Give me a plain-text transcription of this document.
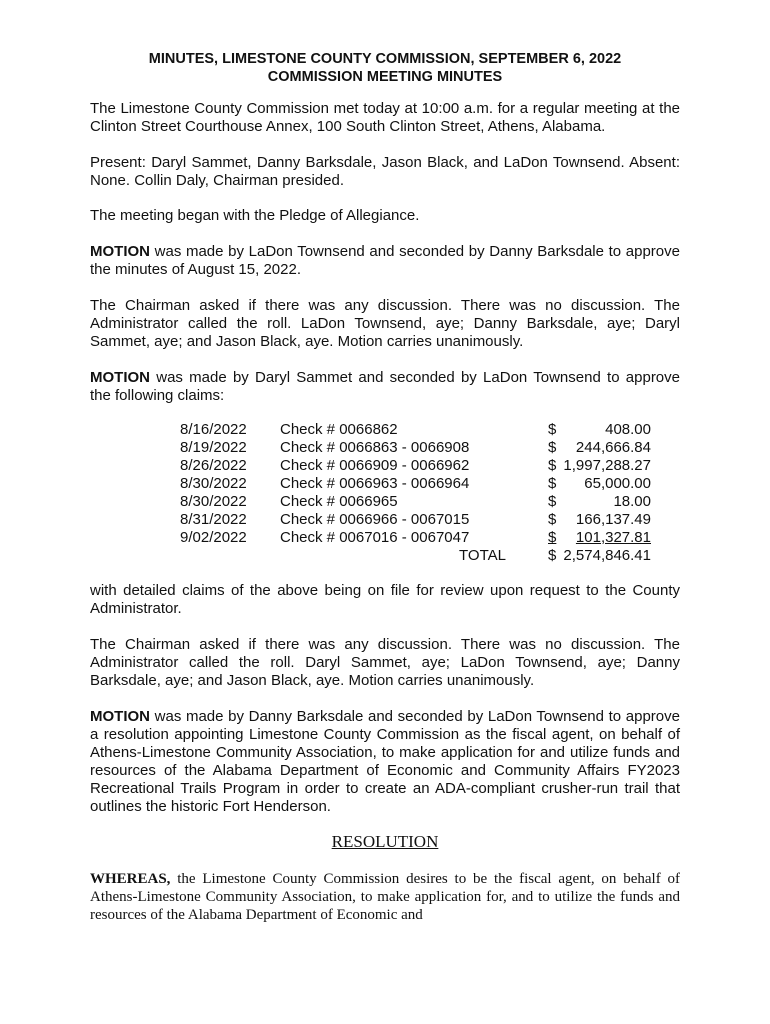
MINUTES, LIMESTONE COUNTY COMMISSION, SEPTEMBER 6, 2022
COMMISSION MEETING MINUTES

The Limestone County Commission met today at 10:00 a.m. for a regular meeting at the Clinton Street Courthouse Annex, 100 South Clinton Street, Athens, Alabama.

Present: Daryl Sammet, Danny Barksdale, Jason Black, and LaDon Townsend. Absent: None. Collin Daly, Chairman presided.

The meeting began with the Pledge of Allegiance.

MOTION was made by LaDon Townsend and seconded by Danny Barksdale to approve the minutes of August 15, 2022.

The Chairman asked if there was any discussion. There was no discussion. The Administrator called the roll. LaDon Townsend, aye; Danny Barksdale, aye; Daryl Sammet, aye; and Jason Black, aye. Motion carries unanimously.

MOTION was made by Daryl Sammet and seconded by LaDon Townsend to approve the following claims:

8/16/2022	Check # 0066862	$	408.00
8/19/2022	Check # 0066863 - 0066908	$	244,666.84
8/26/2022	Check # 0066909 - 0066962	$	1,997,288.27
8/30/2022	Check # 0066963 - 0066964	$	65,000.00
8/30/2022	Check # 0066965	$	18.00
8/31/2022	Check # 0066966 - 0067015	$	166,137.49
9/02/2022	Check # 0067016 - 0067047	$	101,327.81
	TOTAL	$	2,574,846.41

with detailed claims of the above being on file for review upon request to the County Administrator.

The Chairman asked if there was any discussion. There was no discussion. The Administrator called the roll. Daryl Sammet, aye; LaDon Townsend, aye; Danny Barksdale, aye; and Jason Black, aye. Motion carries unanimously.

MOTION was made by Danny Barksdale and seconded by LaDon Townsend to approve a resolution appointing Limestone County Commission as the fiscal agent, on behalf of Athens-Limestone Community Association, to make application for and utilize funds and resources of the Alabama Department of Economic and Community Affairs FY2023 Recreational Trails Program in order to create an ADA-compliant crusher-run trail that outlines the historic Fort Henderson.

RESOLUTION

WHEREAS, the Limestone County Commission desires to be the fiscal agent, on behalf of Athens-Limestone Community Association, to make application for, and to utilize the funds and resources of the Alabama Department of Economic and
